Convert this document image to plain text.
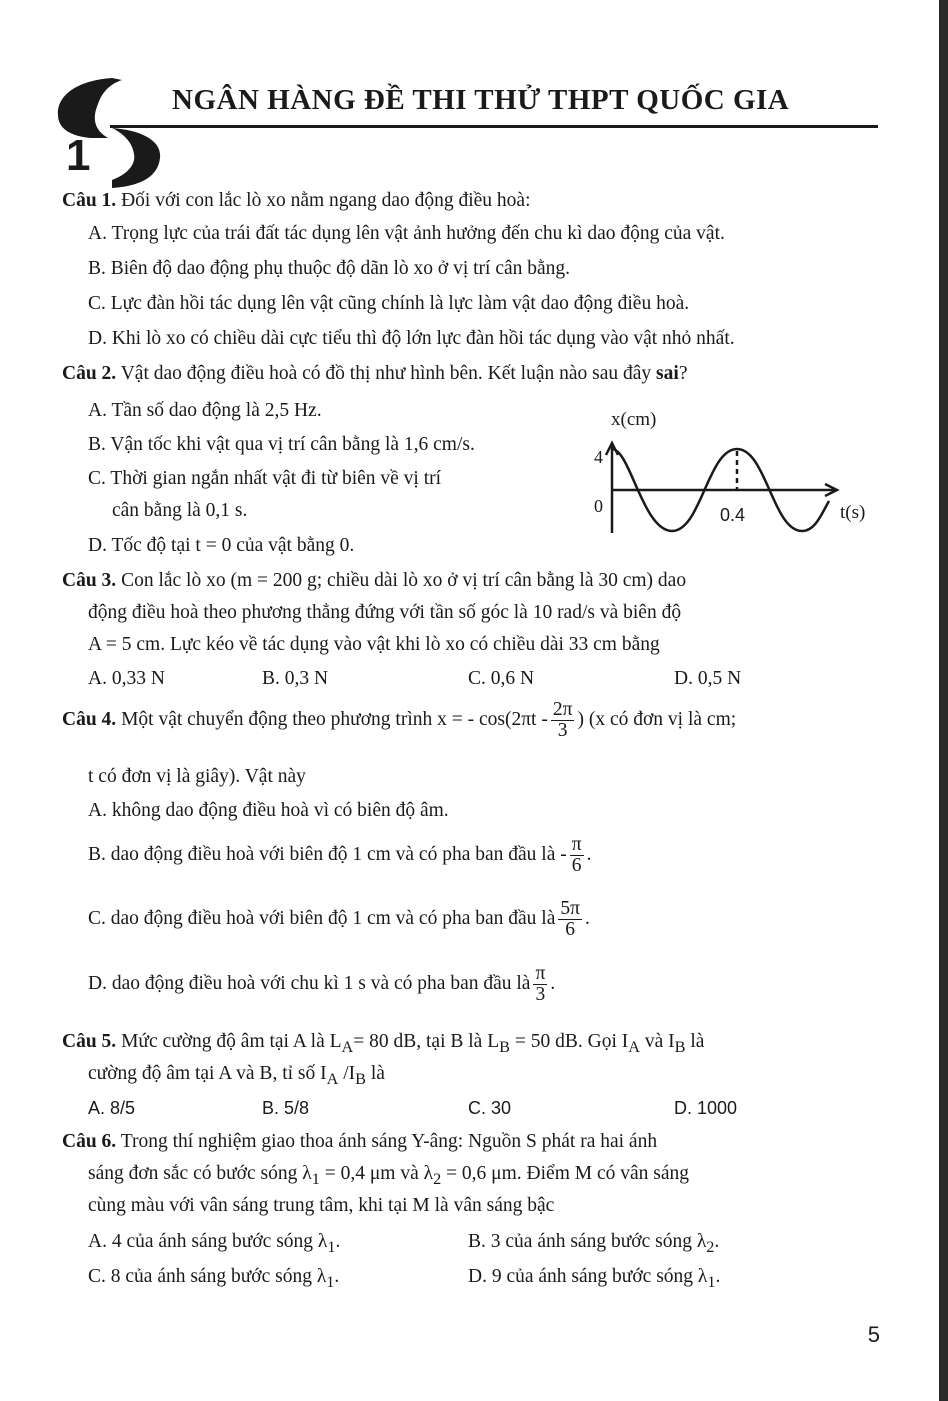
1
NGÂN HÀNG ĐỀ THI THỬ THPT QUỐC GIA
Câu 1. Đối với con lắc lò xo nằm ngang dao động điều hoà:
A. Trọng lực của trái đất tác dụng lên vật ảnh hưởng đến chu kì dao động của vật.
B. Biên độ dao động phụ thuộc độ dãn lò xo ở vị trí cân bằng.
C. Lực đàn hồi tác dụng lên vật cũng chính là lực làm vật dao động điều hoà.
D. Khi lò xo có chiều dài cực tiểu thì độ lớn lực đàn hồi tác dụng vào vật nhỏ nhất.
Câu 2. Vật dao động điều hoà có đồ thị như hình bên. Kết luận nào sau đây sai?
A. Tần số dao động là 2,5 Hz.
B. Vận tốc khi vật qua vị trí cân bằng là 1,6 cm/s.
C. Thời gian ngắn nhất vật đi từ biên về vị trí
cân bằng là 0,1 s.
D. Tốc độ tại t = 0 của vật bằng 0.
x(cm)
4
0	0.4	t(s)
Câu 3. Con lắc lò xo (m = 200 g; chiều dài lò xo ở vị trí cân bằng là 30 cm) dao
động điều hoà theo phương thẳng đứng với tần số góc là 10 rad/s và biên độ
A = 5 cm. Lực kéo về tác dụng vào vật khi lò xo có chiều dài 33 cm bằng
A. 0,33 N	B. 0,3 N	C. 0,6 N	D. 0,5 N
Câu 4. Một vật chuyển động theo phương trình x = - $\cos(2\pi t - \frac{2\pi}{3}$ ) (x có đơn vị là cm;
t có đơn vị là giây). Vật này
A. không dao động điều hoà vì có biên độ âm.
B. dao động điều hoà với biên độ 1 cm và có pha ban đầu là - $\frac{\pi}{6}$ .
C. dao động điều hoà với biên độ 1 cm và có pha ban đầu là $\frac{5\pi}{6}$ .
D. dao động điều hoà với chu kì 1 s và có pha ban đầu là $\frac{\pi}{3}$ .
Câu 5. Mức cường độ âm tại A là $L_A= 80$ dB, tại B là $L_B = 50$ dB. Gọi $I_A$ và $I_B$ là
cường độ âm tại A và B, tỉ số $I_A$ $/I_B$ là
A. 8/5	B. 5/8	C. 30	D. 1000
Câu 6. Trong thí nghiệm giao thoa ánh sáng Y-âng: Nguồn S phát ra hai ánh
sáng đơn sắc có bước sóng $\lambda_1 = 0,4$ μm và $\lambda_2 = 0,6$ μm. Điểm M có vân sáng
cùng màu với vân sáng trung tâm, khi tại M là vân sáng bậc
A. 4 của ánh sáng bước sóng $\lambda_1$.	B. 3 của ánh sáng bước sóng $\lambda_2$.
C. 8 của ánh sáng bước sóng $\lambda_1$.	D. 9 của ánh sáng bước sóng $\lambda_1$.
5
